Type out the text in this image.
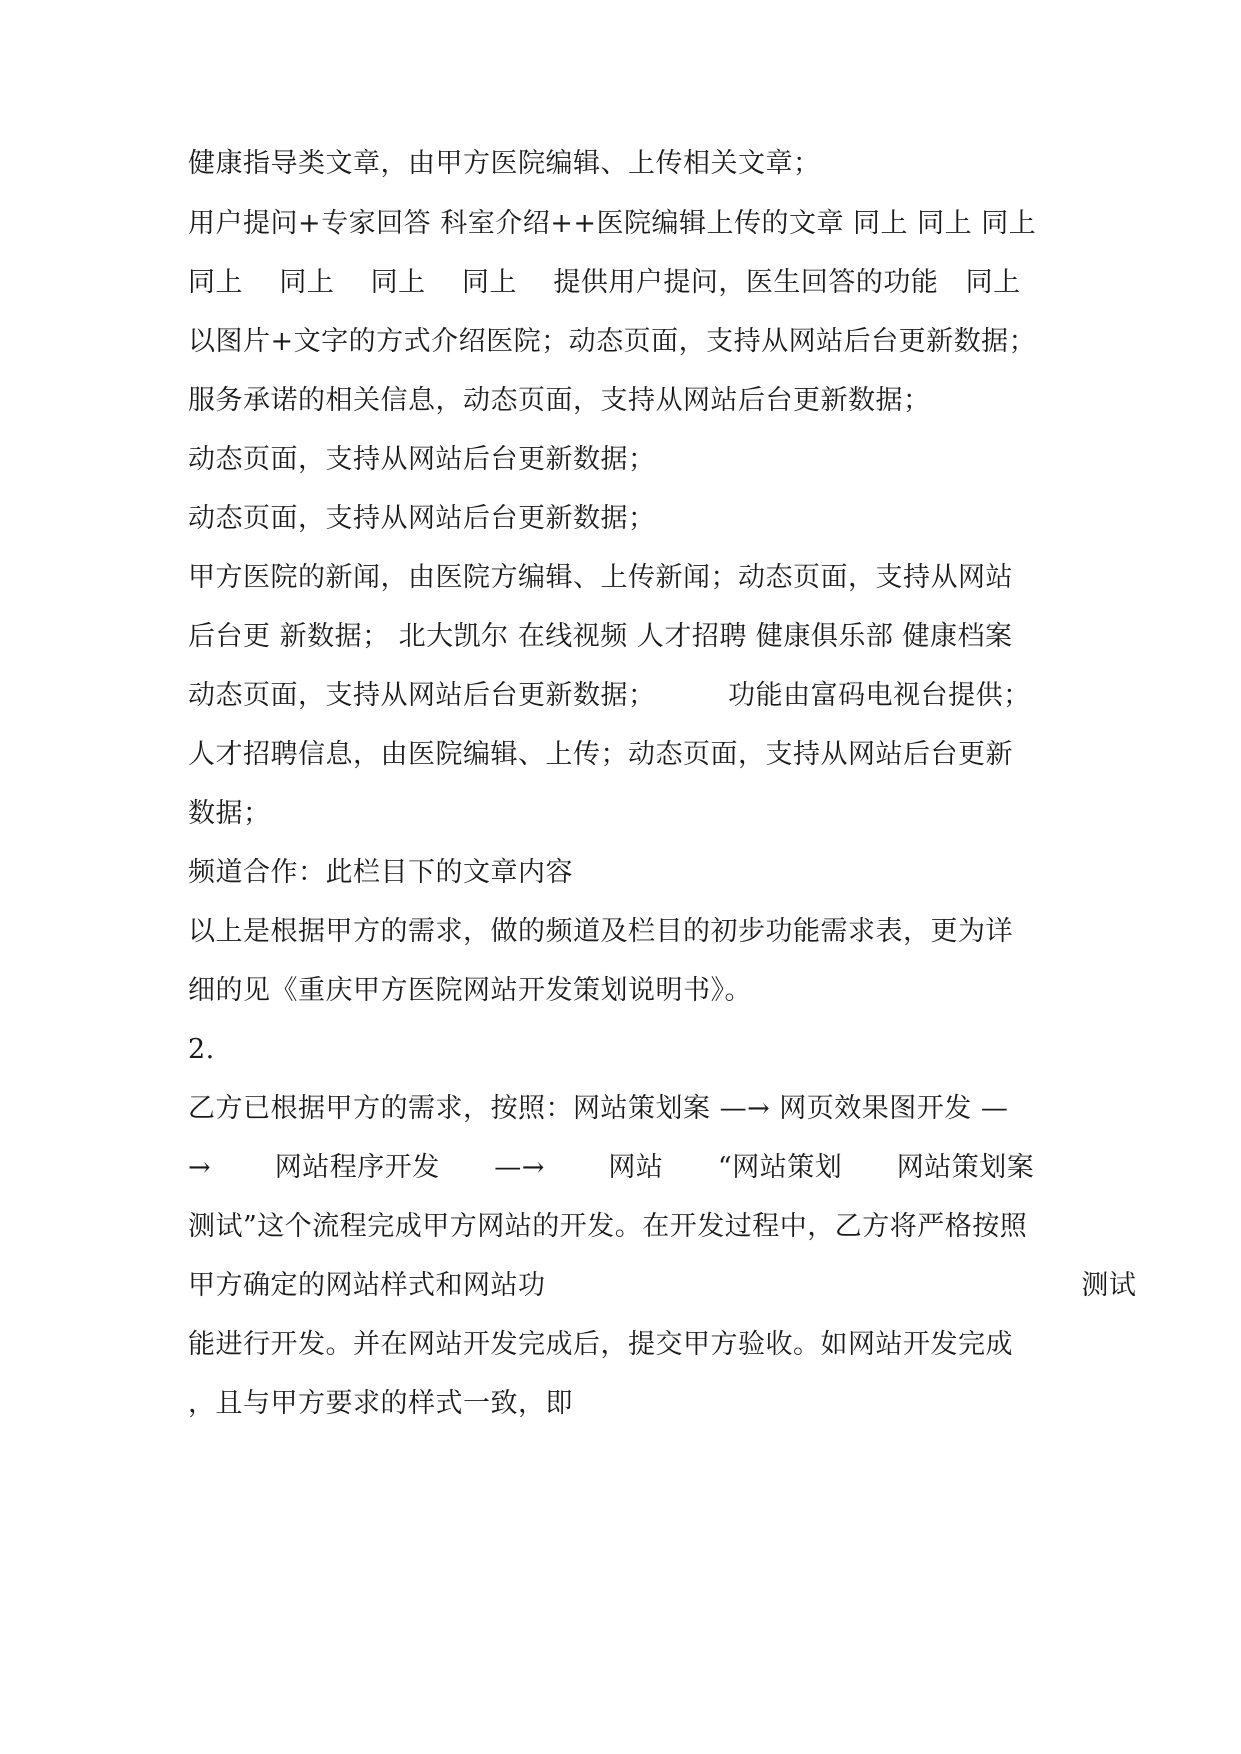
健康指导类文章，由甲方医院编辑、上传相关文章；
用户提问+专家回答 科室介绍++医院编辑上传的文章 同上 同上 同上
同上    同上    同上    同上    提供用户提问，医生回答的功能   同上
以图片+文字的方式介绍医院；动态页面，支持从网站后台更新数据；
服务承诺的相关信息，动态页面，支持从网站后台更新数据；
动态页面，支持从网站后台更新数据；
动态页面，支持从网站后台更新数据；
甲方医院的新闻，由医院方编辑、上传新闻；动态页面，支持从网站
后台更 新数据； 北大凯尔 在线视频 人才招聘 健康俱乐部 健康档案
动态页面，支持从网站后台更新数据；        功能由富码电视台提供；
人才招聘信息，由医院编辑、上传；动态页面，支持从网站后台更新
数据；
频道合作：此栏目下的文章内容
以上是根据甲方的需求，做的频道及栏目的初步功能需求表，更为详
细的见《重庆甲方医院网站开发策划说明书》。
2.
乙方已根据甲方的需求，按照：网站策划案 —→ 网页效果图开发 —
→       网站程序开发      —→       网站      “网站策划      网站策划案
测试”这个流程完成甲方网站的开发。在开发过程中，乙方将严格按照
甲方确定的网站样式和网站功                                                           测试
能进行开发。并在网站开发完成后，提交甲方验收。如网站开发完成
，且与甲方要求的样式一致，即
